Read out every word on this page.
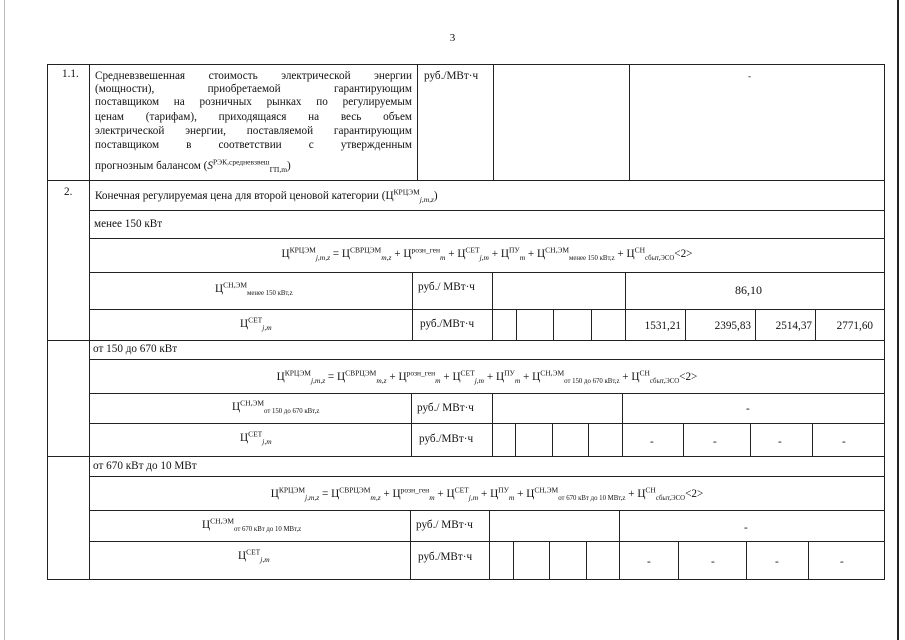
3
1.1. Средневзвешенная стоимость электрической энергии
(мощности), приобретаемой гарантирующим
поставщиком на розничных рынках по регулируемым
ценам (тарифам), приходящаяся на весь объем
электрической энергии, поставляемой гарантирующим
поставщиком в соответствии с утвержденным
прогнозным балансом $(S^{РЭК,средневзвеш}_{ГП,m})$
руб./МВт·ч	-
2. Конечная регулируемая цена для второй ценовой категории $(Ц^{КРЦЭМ}_{j,m,z})$
менее 150 кВт
$Ц^{КРЦЭМ}_{j,m,z} = Ц^{СВРЦЭМ}_{m,z} + Ц^{розн\_ген}_m + Ц^{СЕТ}_{j,m} + Ц^{ПУ}_m + Ц^{СН,ЭМ}_{менее 150 кВт,z} + Ц^{СН}_{сбыт,ЭСО}<2>$
$Ц^{СН,ЭМ}_{менее 150 кВт,z}$
руб./ МВт·ч	86,10
$Ц^{СЕТ}_{j,m}$	руб./МВт·ч	1531,21	2395,83	2514,37	2771,60
от 150 до 670 кВт
$Ц^{КРЦЭМ}_{j,m,z} = Ц^{СВРЦЭМ}_{m,z} + Ц^{розн\_ген}_m + Ц^{СЕТ}_{j,m} + Ц^{ПУ}_m + Ц^{СН,ЭМ}_{от 150 до 670 кВт,z} + Ц^{СН}_{сбыт,ЭСО}<2>$
$Ц^{СН,ЭМ}_{от 150 до 670 кВт,z}$	руб./ МВт·ч	-
$Ц^{СЕТ}_{j,m}$	руб./МВт·ч	-	-	-	-
от 670 кВт до 10 МВт
$Ц^{КРЦЭМ}_{j,m,z} = Ц^{СВРЦЭМ}_{m,z} + Ц^{розн\_ген}_m + Ц^{СЕТ}_{j,m} + Ц^{ПУ}_m + Ц^{СН,ЭМ}_{от 670 кВт до 10 МВт,z} + Ц^{СН}_{сбыт,ЭСО}<2>$
$Ц^{СН,ЭМ}_{от 670 кВт до 10 МВт,z}$	руб./ МВт·ч	-
$Ц^{СЕТ}_{j,m}$	руб./МВт·ч	-	-	-	-
